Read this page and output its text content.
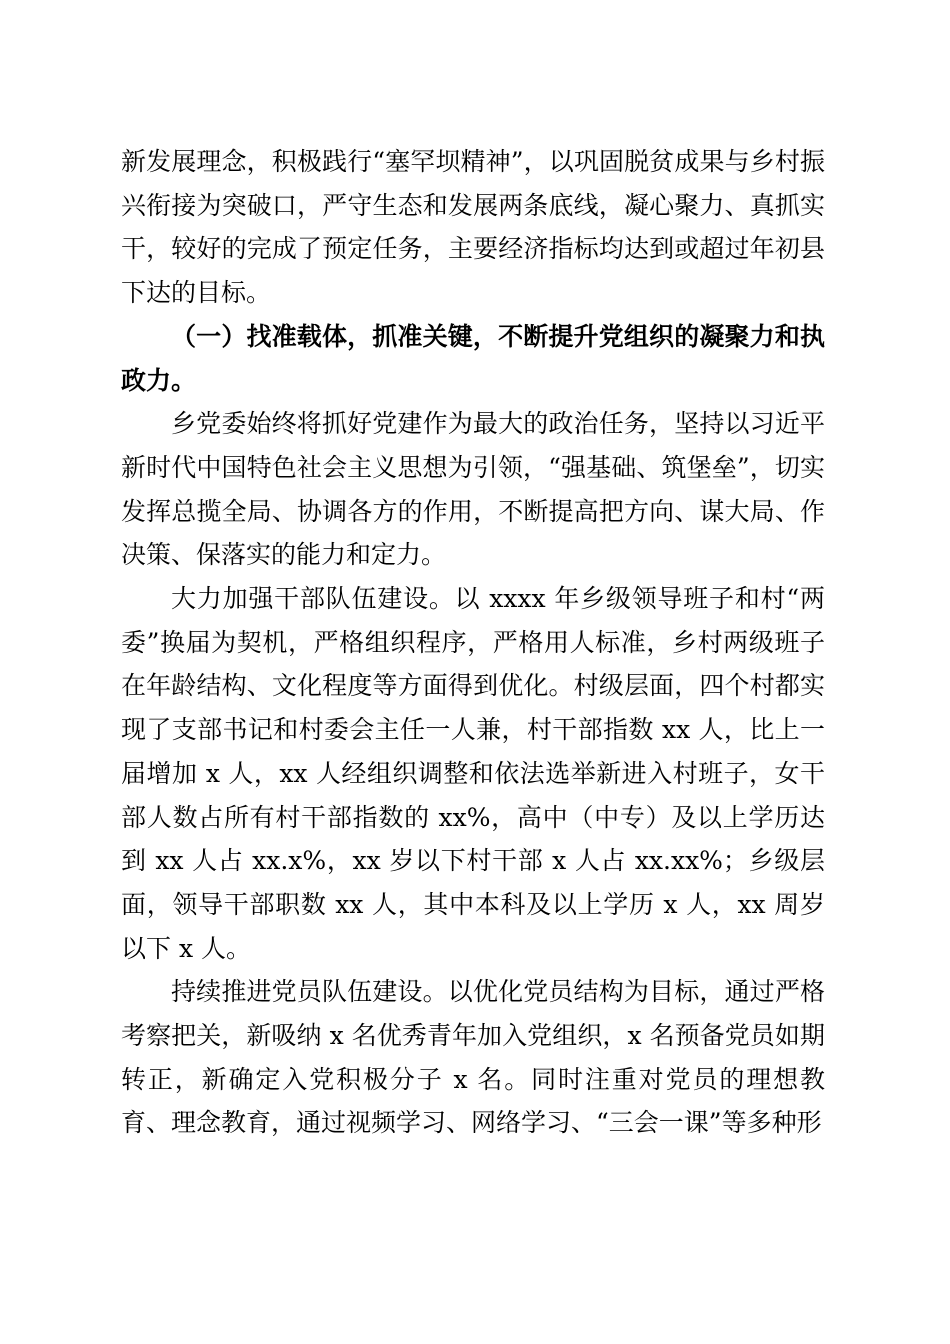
新发展理念，积极践行“塞罕坝精神”，以巩固脱贫成果与乡村振兴衔接为突破口，严守生态和发展两条底线，凝心聚力、真抓实干，较好的完成了预定任务，主要经济指标均达到或超过年初县下达的目标。

（一）找准载体，抓准关键，不断提升党组织的凝聚力和执政力。

乡党委始终将抓好党建作为最大的政治任务，坚持以习近平新时代中国特色社会主义思想为引领，“强基础、筑堡垒”，切实发挥总揽全局、协调各方的作用，不断提高把方向、谋大局、作决策、保落实的能力和定力。

大力加强干部队伍建设。以 xxxx 年乡级领导班子和村“两委”换届为契机，严格组织程序，严格用人标准，乡村两级班子在年龄结构、文化程度等方面得到优化。村级层面，四个村都实现了支部书记和村委会主任一人兼，村干部指数 xx 人，比上一届增加 x 人，xx 人经组织调整和依法选举新进入村班子，女干部人数占所有村干部指数的 xx%，高中（中专）及以上学历达到 xx 人占 xx.x%，xx 岁以下村干部 x 人占 xx.xx%；乡级层面，领导干部职数 xx 人，其中本科及以上学历 x 人，xx 周岁以下 x 人。

持续推进党员队伍建设。以优化党员结构为目标，通过严格考察把关，新吸纳 x 名优秀青年加入党组织，x 名预备党员如期转正，新确定入党积极分子 x 名。同时注重对党员的理想教育、理念教育，通过视频学习、网络学习、“三会一课”等多种形
